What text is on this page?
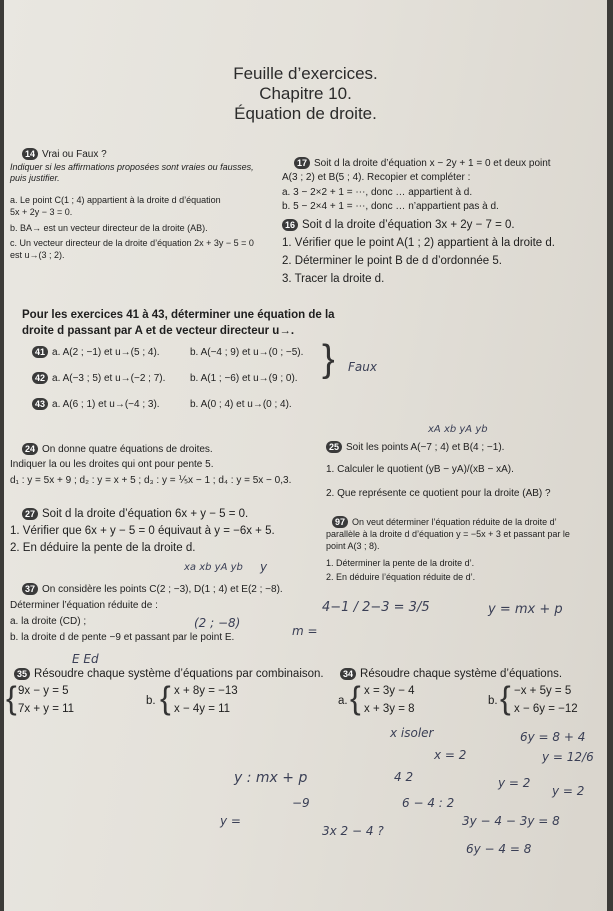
Feuille d’exercices.
Chapitre 10.
Équation de droite.
14 Vrai ou Faux ?
Indiquer si les affirmations proposées sont vraies ou fausses,
puis justifier.
a. Le point C(1 ; 4) appartient à la droite d d’équation
5x + 2y − 3 = 0.
b. BA→ est un vecteur directeur de la droite (AB).
c. Un vecteur directeur de la droite d’équation 2x + 3y − 5 = 0
est u→(3 ; 2).
17 Soit d la droite d’équation x − 2y + 1 = 0 et deux point
A(3 ; 2) et B(5 ; 4). Recopier et compléter :
a. 3 − 2×2 + 1 = ⋯, donc … appartient à d.
b. 5 − 2×4 + 1 = ⋯, donc … n’appartient pas à d.
16 Soit d la droite d’équation 3x + 2y − 7 = 0.
1. Vérifier que le point A(1 ; 2) appartient à la droite d.
2. Déterminer le point B de d d’ordonnée 5.
3. Tracer la droite d.
Pour les exercices 41 à 43, déterminer une équation de la
droite d passant par A et de vecteur directeur u→.
41 a. A(2 ; −1) et u→(5 ; 4).	b. A(−4 ; 9) et u→(0 ; −5).
42 a. A(−3 ; 5) et u→(−2 ; 7). b. A(1 ; −6) et u→(9 ; 0).
43 a. A(6 ; 1) et u→(−4 ; 3).	b. A(0 ; 4) et u→(0 ; 4).
} Faux
24 On donne quatre équations de droites.
Indiquer la ou les droites qui ont pour pente 5.
d₁ : y = 5x + 9 ; d₂ : y = x + 5 ; d₃ : y = ⅕x − 1 ; d₄ : y = 5x − 0,3.
xA xb yA yb
25 Soit les points A(−7 ; 4) et B(4 ; −1).
1. Calculer le quotient (yB − yA)/(xB − xA).
2. Que représente ce quotient pour la droite (AB) ?
27 Soit d la droite d’équation 6x + y − 5 = 0.
1. Vérifier que 6x + y − 5 = 0 équivaut à y = −6x + 5.
2. En déduire la pente de la droite d.
97 On veut déterminer l’équation réduite de la droite d’
parallèle à la droite d d’équation y = −5x + 3 et passant par le
point A(3 ; 8).
1. Déterminer la pente de la droite d’.
2. En déduire l’équation réduite de d’.
xa xb yA yb y
37 On considère les points C(2 ; −3), D(1 ; 4) et E(2 ; −8).
Déterminer l’équation réduite de :
a. la droite (CD) ;
b. la droite d de pente −9 et passant par le point E.
4−1 / 2−3 = 3/5	y = mx + p
(2 ; −8)
m =
E Ed
35 Résoudre chaque système d’équations par combinaison.
{ 9x − y = 5
7x + y = 11
b. { x + 8y = −13
x − 4y = 11
34 Résoudre chaque système d’équations.
a. { x = 3y − 4
x + 3y = 8
b. { −x + 5y = 5
x − 6y = −12
x isoler	6y = 8 + 4
x = 2	y = 12/6
y : mx + p	4 2	y = 2
y = 2
−9	6 − 4 : 2
y =
3x 2 − 4 ?
3y − 4 − 3y = 8
6y − 4 = 8
